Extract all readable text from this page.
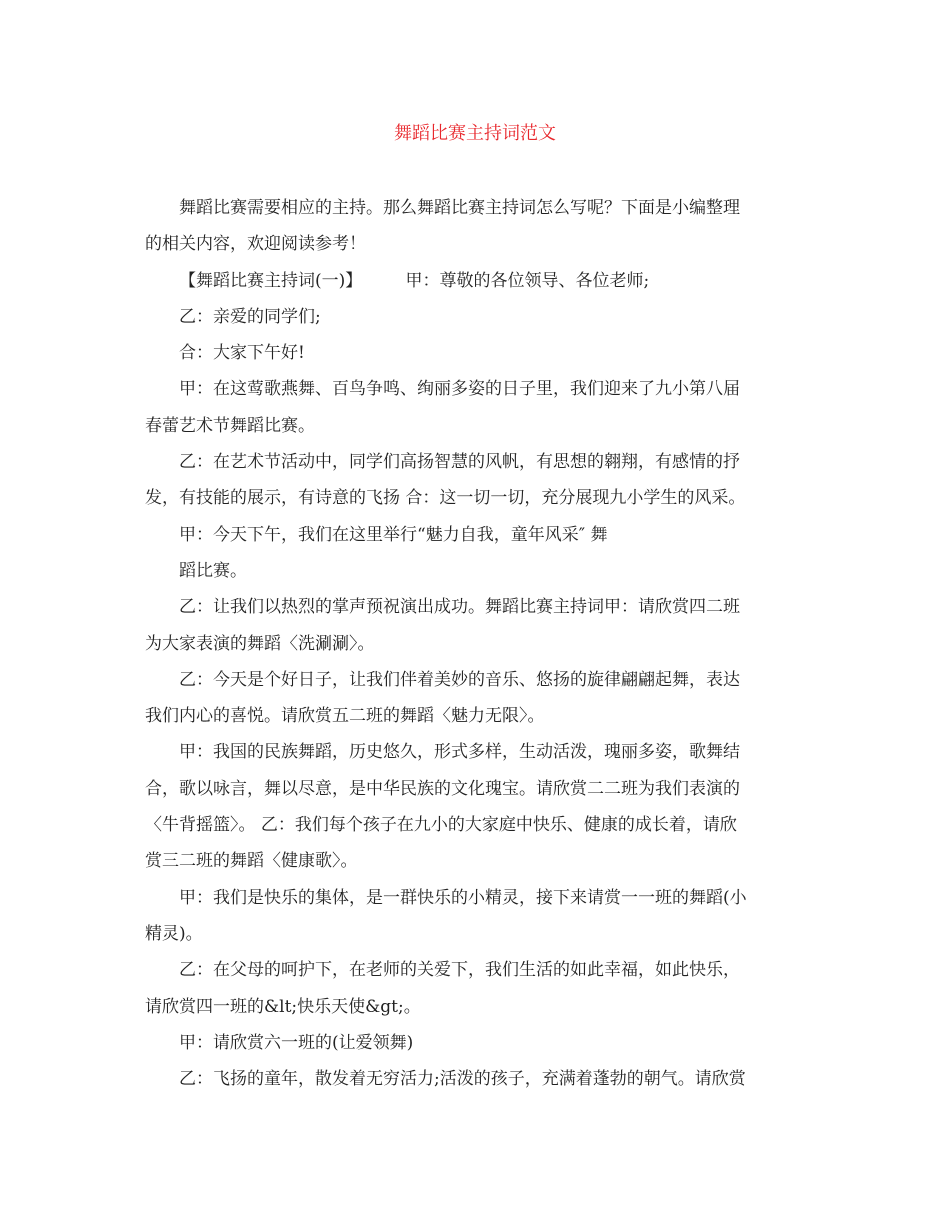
舞蹈比赛主持词范文
舞蹈比赛需要相应的主持。那么舞蹈比赛主持词怎么写呢？下面是小编整理
的相关内容，欢迎阅读参考！
【舞蹈比赛主持词(一)】        甲：尊敬的各位领导、各位老师;
乙：亲爱的同学们;
合：大家下午好!
甲：在这莺歌燕舞、百鸟争鸣、绚丽多姿的日子里，我们迎来了九小第八届
春蕾艺术节舞蹈比赛。
乙：在艺术节活动中，同学们高扬智慧的风帆，有思想的翱翔，有感情的抒
发，有技能的展示，有诗意的飞扬 合：这一切一切，充分展现九小学生的风采。
甲：今天下午，我们在这里举行“魅力自我，童年风采″ 舞
蹈比赛。
乙：让我们以热烈的掌声预祝演出成功。舞蹈比赛主持词甲：请欣赏四二班
为大家表演的舞蹈〈洗涮涮〉。
乙：今天是个好日子，让我们伴着美妙的音乐、悠扬的旋律翩翩起舞，表达
我们内心的喜悦。请欣赏五二班的舞蹈〈魅力无限〉。
甲：我国的民族舞蹈，历史悠久，形式多样，生动活泼，瑰丽多姿，歌舞结
合，歌以咏言，舞以尽意，是中华民族的文化瑰宝。请欣赏二二班为我们表演的
〈牛背摇篮〉。 乙：我们每个孩子在九小的大家庭中快乐、健康的成长着，请欣
赏三二班的舞蹈〈健康歌〉。
甲：我们是快乐的集体，是一群快乐的小精灵，接下来请赏一一班的舞蹈(小
精灵)。
乙：在父母的呵护下，在老师的关爱下，我们生活的如此幸福，如此快乐，
请欣赏四一班的&lt;快乐天使&gt;。
甲：请欣赏六一班的(让爱领舞)
乙：飞扬的童年，散发着无穷活力;活泼的孩子，充满着蓬勃的朝气。请欣赏
